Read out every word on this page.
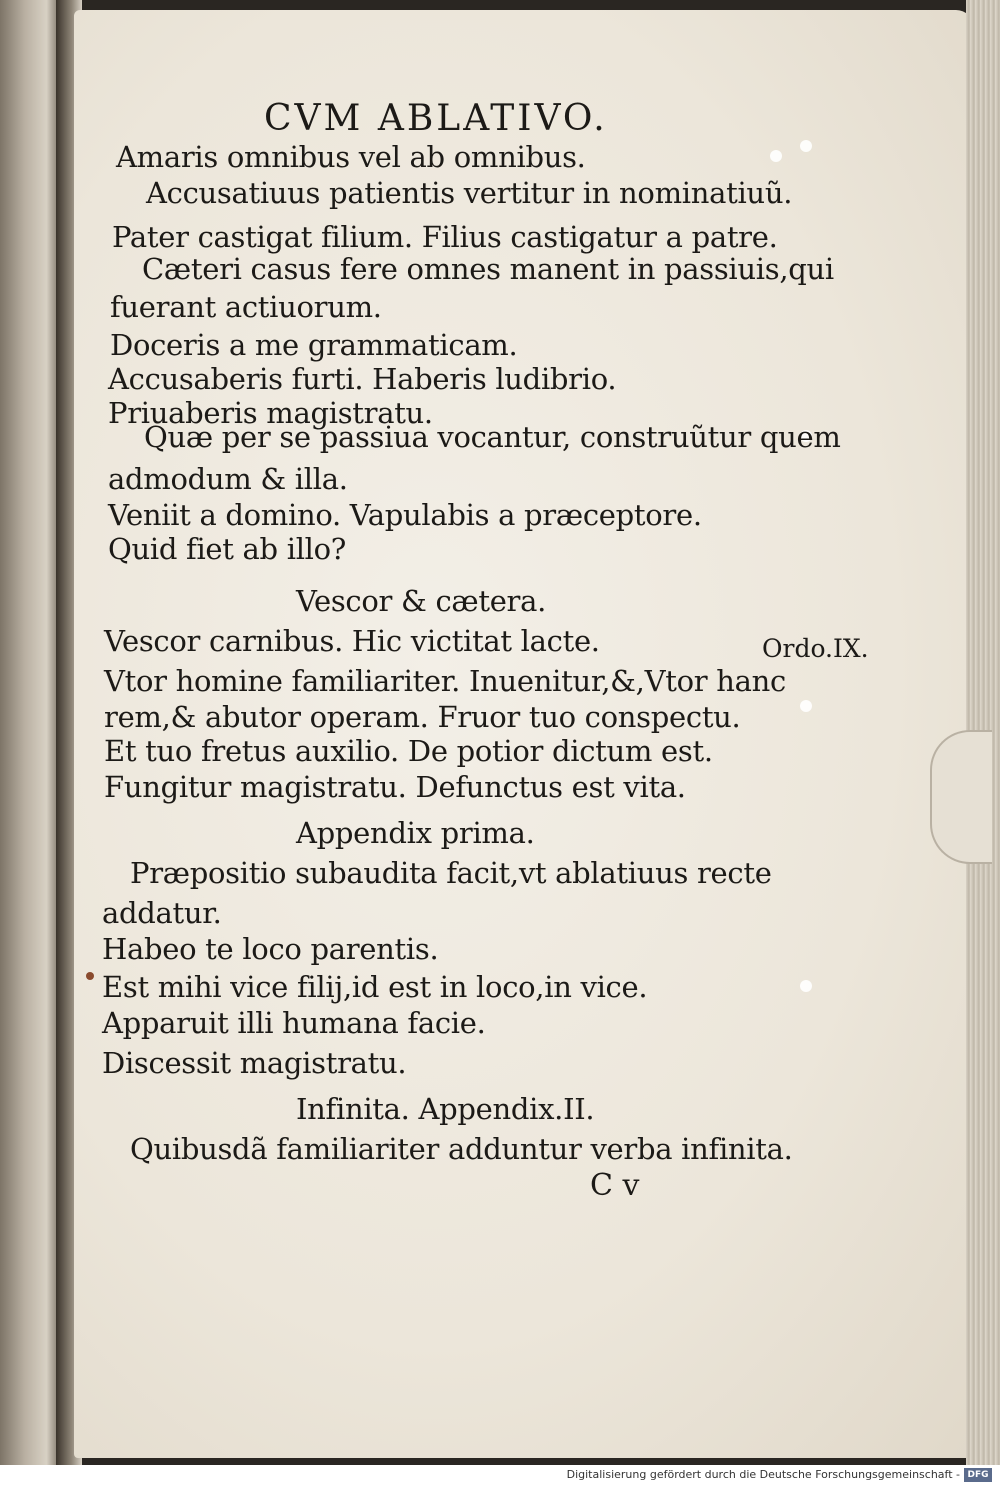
CVM ABLATIVO.
Amaris omnibus vel ab omnibus.
Accusatiuus patientis vertitur in nominatiuũ.
Pater castigat filium. Filius castigatur a patre.
Cæteri casus fere omnes manent in passiuis,qui
fuerant actiuorum.
Doceris a me grammaticam.
Accusaberis furti. Haberis ludibrio.
Priuaberis magistratu.
Quæ per se passiua vocantur, construũtur quem
admodum & illa.
Veniit a domino. Vapulabis a præceptore.
Quid fiet ab illo?
Vescor & cætera.
Vescor carnibus. Hic victitat lacte.
Vtor homine familiariter. Inuenitur,&,Vtor hanc
rem,& abutor operam. Fruor tuo conspectu.
Et tuo fretus auxilio. De potior dictum est.
Fungitur magistratu. Defunctus est vita.
Appendix prima.
Præpositio subaudita facit,vt ablatiuus recte
addatur.
Habeo te loco parentis.
Est mihi vice filij,id est in loco,in vice.
Apparuit illi humana facie.
Discessit magistratu.
Infinita. Appendix.II.
Quibusdã familiariter adduntur verba infinita.
Ordo.IX.
C v
Digitalisierung gefördert durch die Deutsche Forschungsgemeinschaft - DFG
